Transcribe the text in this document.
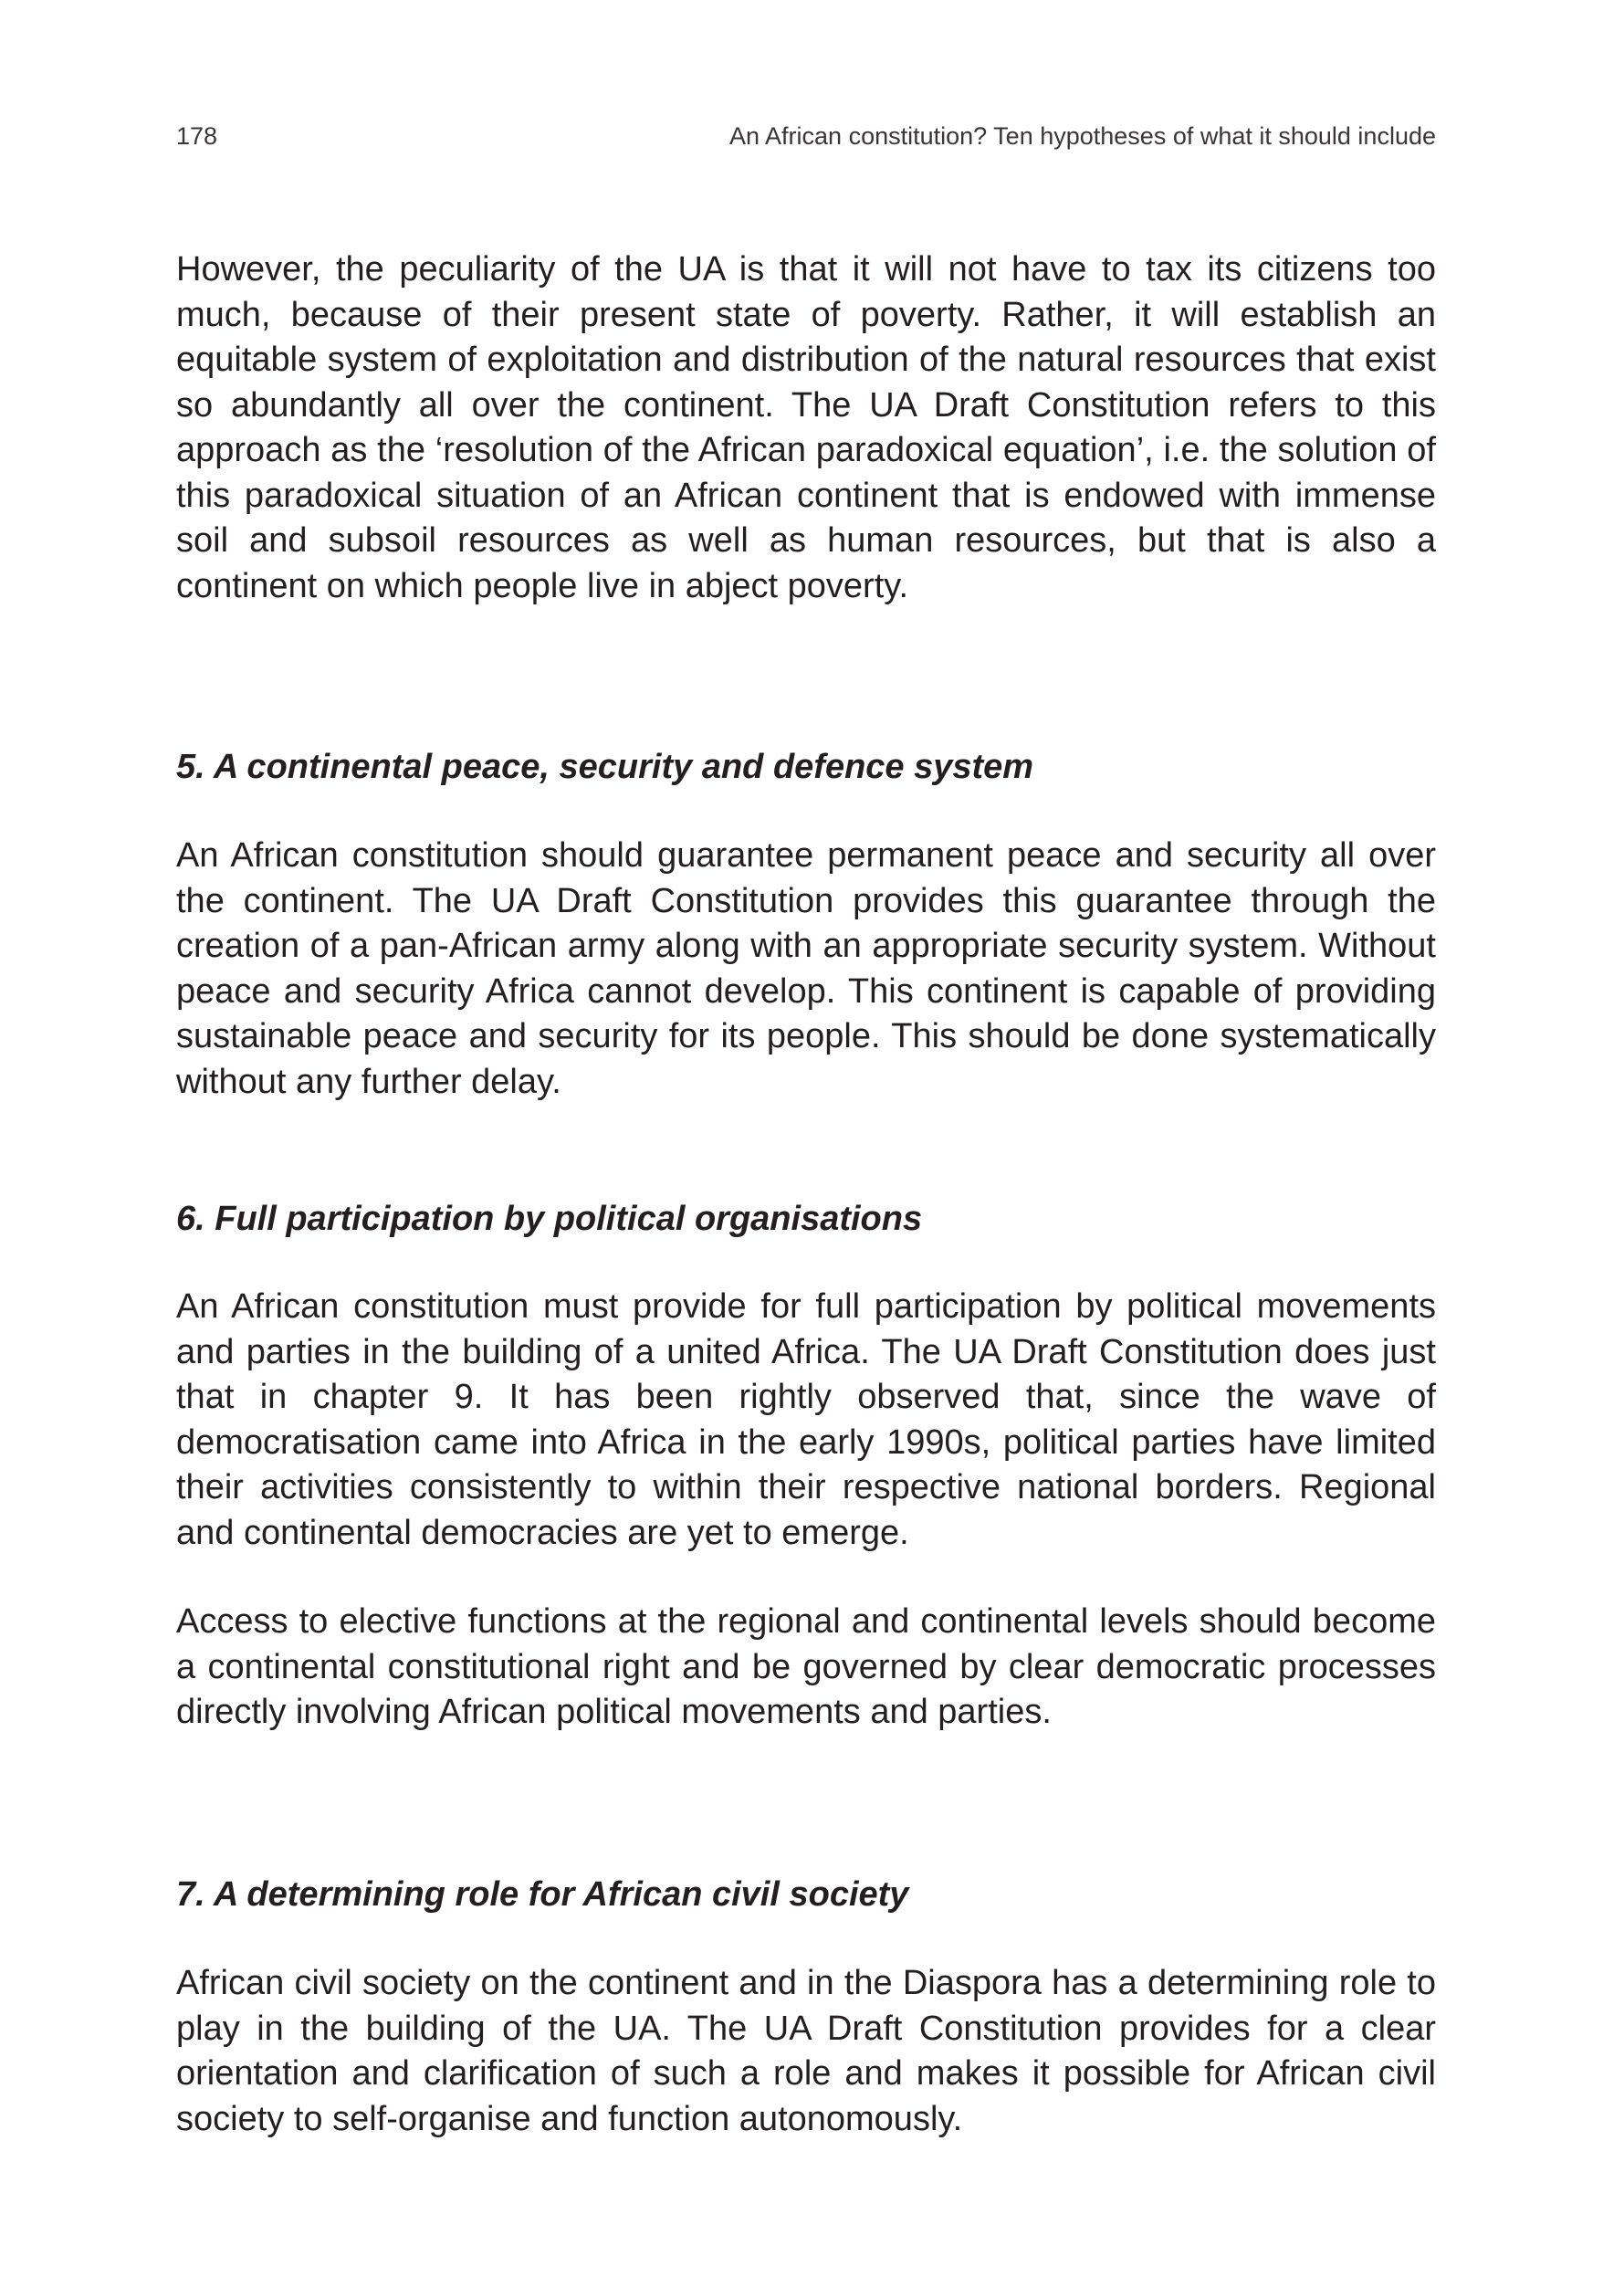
178	An African constitution? Ten hypotheses of what it should include

However, the peculiarity of the UA is that it will not have to tax its citizens too much, because of their present state of poverty. Rather, it will establish an equitable system of exploitation and distribution of the natural resources that exist so abundantly all over the continent. The UA Draft Constitution refers to this approach as the ‘resolution of the African paradoxical equation’, i.e. the solution of this paradoxical situation of an African continent that is endowed with immense soil and subsoil resources as well as human resources, but that is also a continent on which people live in abject poverty.

5. A continental peace, security and defence system

An African constitution should guarantee permanent peace and security all over the continent. The UA Draft Constitution provides this guarantee through the creation of a pan-African army along with an appropriate security system. Without peace and security Africa cannot develop. This continent is capable of providing sustainable peace and security for its people. This should be done systematically without any further delay.

6. Full participation by political organisations

An African constitution must provide for full participation by political movements and parties in the building of a united Africa. The UA Draft Constitution does just that in chapter 9. It has been rightly observed that, since the wave of democratisation came into Africa in the early 1990s, political parties have limited their activities consistently to within their respective national borders. Regional and continental democracies are yet to emerge.

Access to elective functions at the regional and continental levels should become a continental constitutional right and be governed by clear democratic processes directly involving African political movements and parties.

7. A determining role for African civil society

African civil society on the continent and in the Diaspora has a determining role to play in the building of the UA. The UA Draft Constitution provides for a clear orientation and clarification of such a role and makes it possible for African civil society to self-organise and function autonomously.
